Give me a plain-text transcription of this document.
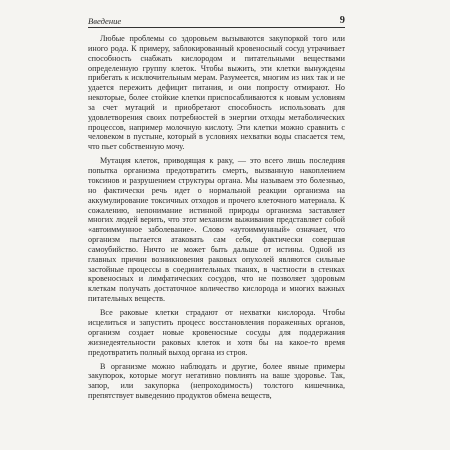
Введение	9

Любые проблемы со здоровьем вызываются закупоркой того или иного рода. К примеру, заблокированный кровеносный сосуд утрачивает способность снабжать кислородом и питательными веществами определенную группу клеток. Чтобы выжить, эти клетки вынуждены прибегать к исключительным мерам. Разумеется, многим из них так и не удается пережить дефицит питания, и они попросту отмирают. Но некоторые, более стойкие клетки приспосабливаются к новым условиям за счет мутаций и приобретают способность использовать для удовлетворения своих потребностей в энергии отходы метаболических процессов, например молочную кислоту. Эти клетки можно сравнить с человеком в пустыне, который в условиях нехватки воды спасается тем, что пьет собственную мочу.

Мутация клеток, приводящая к раку, — это всего лишь последняя попытка организма предотвратить смерть, вызванную накоплением токсинов и разрушением структуры органа. Мы называем это болезнью, но фактически речь идет о нормальной реакции организма на аккумулирование токсичных отходов и прочего клеточного материала. К сожалению, непонимание истинной природы организма заставляет многих людей верить, что этот механизм выживания представляет собой «автоиммунное заболевание». Слово «аутоиммунный» означает, что организм пытается атаковать сам себя, фактически совершая самоубийство. Ничто не может быть дальше от истины. Одной из главных причин возникновения раковых опухолей являются сильные застойные процессы в соединительных тканях, в частности в стенках кровеносных и лимфатических сосудов, что не позволяет здоровым клеткам получать достаточное количество кислорода и многих важных питательных веществ.

Все раковые клетки страдают от нехватки кислорода. Чтобы исцелиться и запустить процесс восстановления пораженных органов, организм создает новые кровеносные сосуды для поддержания жизнедеятельности раковых клеток и хотя бы на какое-то время предотвратить полный выход органа из строя.

В организме можно наблюдать и другие, более явные примеры закупорок, которые могут негативно повлиять на ваше здоровье. Так, запор, или закупорка (непроходимость) толстого кишечника, препятствует выведению продуктов обмена веществ,
